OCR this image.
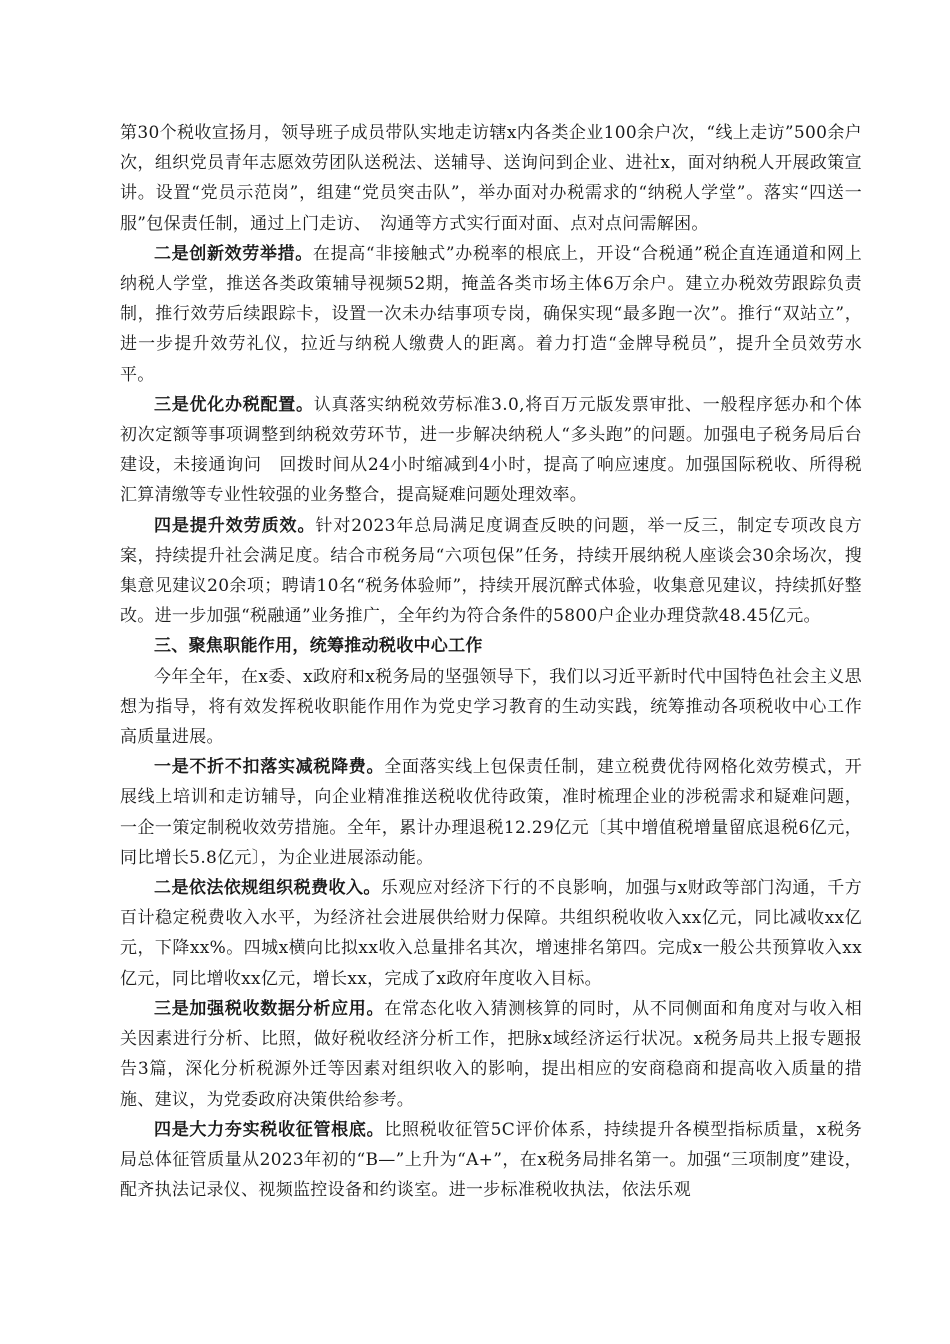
第30个税收宣扬月，领导班子成员带队实地走访辖x内各类企业100余户次，“线上走访”500余户次，组织党员青年志愿效劳团队送税法、送辅导、送询问到企业、进社x，面对纳税人开展政策宣讲。设置“党员示范岗”，组建“党员突击队”，举办面对办税需求的“纳税人学堂”。落实“四送一服”包保责任制，通过上门走访、　沟通等方式实行面对面、点对点问需解困。

二是创新效劳举措。在提高“非接触式”办税率的根底上，开设“合税通”税企直连通道和网上纳税人学堂，推送各类政策辅导视频52期，掩盖各类市场主体6万余户。建立办税效劳跟踪负责制，推行效劳后续跟踪卡，设置一次未办结事项专岗，确保实现“最多跑一次”。推行“双站立”，进一步提升效劳礼仪，拉近与纳税人缴费人的距离。着力打造“金牌导税员”，提升全员效劳水平。

三是优化办税配置。认真落实纳税效劳标准3.0,将百万元版发票审批、一般程序惩办和个体初次定额等事项调整到纳税效劳环节，进一步解决纳税人“多头跑”的问题。加强电子税务局后台建设，未接通询问　回拨时间从24小时缩减到4小时，提高了响应速度。加强国际税收、所得税汇算清缴等专业性较强的业务整合，提高疑难问题处理效率。

四是提升效劳质效。针对2023年总局满足度调查反映的问题，举一反三，制定专项改良方案，持续提升社会满足度。结合市税务局“六项包保”任务，持续开展纳税人座谈会30余场次，搜集意见建议20余项；聘请10名“税务体验师”，持续开展沉醉式体验，收集意见建议，持续抓好整改。进一步加强“税融通”业务推广，全年约为符合条件的5800户企业办理贷款48.45亿元。

三、聚焦职能作用，统筹推动税收中心工作

今年全年，在x委、x政府和x税务局的坚强领导下，我们以习近平新时代中国特色社会主义思想为指导，将有效发挥税收职能作用作为党史学习教育的生动实践，统筹推动各项税收中心工作高质量进展。

一是不折不扣落实减税降费。全面落实线上包保责任制，建立税费优待网格化效劳模式，开展线上培训和走访辅导，向企业精准推送税收优待政策，准时梳理企业的涉税需求和疑难问题，一企一策定制税收效劳措施。全年，累计办理退税12.29亿元〔其中增值税增量留底退税6亿元，同比增长5.8亿元〕，为企业进展添动能。

二是依法依规组织税费收入。乐观应对经济下行的不良影响，加强与x财政等部门沟通，千方百计稳定税费收入水平，为经济社会进展供给财力保障。共组织税收收入xx亿元，同比减收xx亿元，下降xx%。四城x横向比拟xx收入总量排名其次，增速排名第四。完成x一般公共预算收入xx亿元，同比增收xx亿元，增长xx，完成了x政府年度收入目标。

三是加强税收数据分析应用。在常态化收入猜测核算的同时，从不同侧面和角度对与收入相关因素进行分析、比照，做好税收经济分析工作，把脉x域经济运行状况。x税务局共上报专题报告3篇，深化分析税源外迁等因素对组织收入的影响，提出相应的安商稳商和提高收入质量的措施、建议，为党委政府决策供给参考。

四是大力夯实税收征管根底。比照税收征管5C评价体系，持续提升各模型指标质量，x税务局总体征管质量从2023年初的“B—”上升为“A+”，在x税务局排名第一。加强“三项制度”建设，配齐执法记录仪、视频监控设备和约谈室。进一步标准税收执法，依法乐观
